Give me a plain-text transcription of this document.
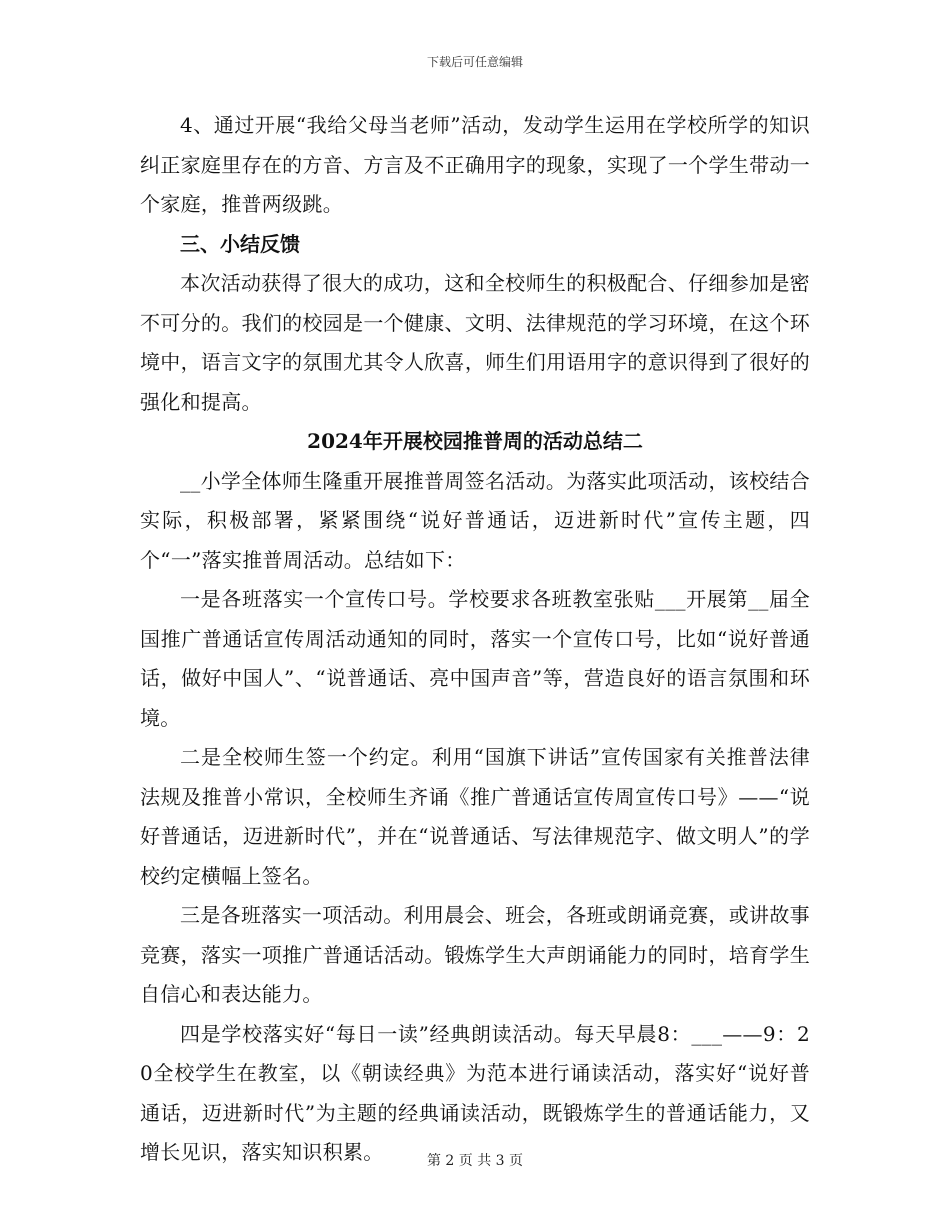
下载后可任意编辑

4、通过开展“我给父母当老师”活动，发动学生运用在学校所学的知识纠正家庭里存在的方音、方言及不正确用字的现象，实现了一个学生带动一个家庭，推普两级跳。

三、小结反馈

本次活动获得了很大的成功，这和全校师生的积极配合、仔细参加是密不可分的。我们的校园是一个健康、文明、法律规范的学习环境，在这个环境中，语言文字的氛围尤其令人欣喜，师生们用语用字的意识得到了很好的强化和提高。

2024年开展校园推普周的活动总结二

__小学全体师生隆重开展推普周签名活动。为落实此项活动，该校结合实际，积极部署，紧紧围绕“说好普通话，迈进新时代”宣传主题，四个“一”落实推普周活动。总结如下：

一是各班落实一个宣传口号。学校要求各班教室张贴___开展第__届全国推广普通话宣传周活动通知的同时，落实一个宣传口号，比如“说好普通话，做好中国人”、“说普通话、亮中国声音”等，营造良好的语言氛围和环境。

二是全校师生签一个约定。利用“国旗下讲话”宣传国家有关推普法律法规及推普小常识，全校师生齐诵《推广普通话宣传周宣传口号》——“说好普通话，迈进新时代”，并在“说普通话、写法律规范字、做文明人”的学校约定横幅上签名。

三是各班落实一项活动。利用晨会、班会，各班或朗诵竞赛，或讲故事竞赛，落实一项推广普通话活动。锻炼学生大声朗诵能力的同时，培育学生自信心和表达能力。

四是学校落实好“每日一读”经典朗读活动。每天早晨8：___——9：20全校学生在教室，以《朝读经典》为范本进行诵读活动，落实好“说好普通话，迈进新时代”为主题的经典诵读活动，既锻炼学生的普通话能力，又增长见识，落实知识积累。	第 2 页 共 3 页
